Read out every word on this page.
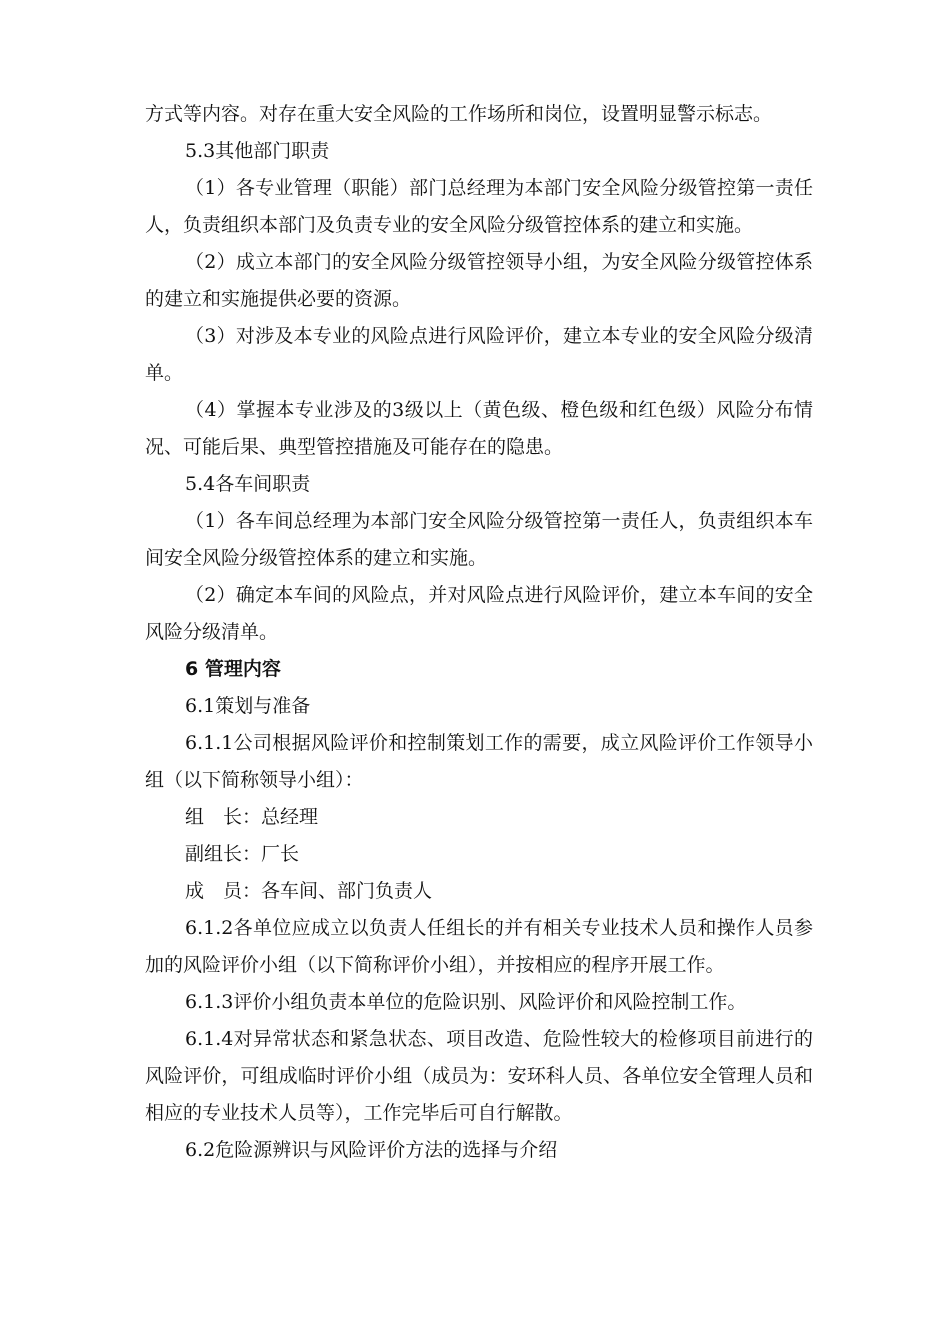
方式等内容。对存在重大安全风险的工作场所和岗位，设置明显警示标志。

5.3其他部门职责

（1）各专业管理（职能）部门总经理为本部门安全风险分级管控第一责任人，负责组织本部门及负责专业的安全风险分级管控体系的建立和实施。

（2）成立本部门的安全风险分级管控领导小组，为安全风险分级管控体系的建立和实施提供必要的资源。

（3）对涉及本专业的风险点进行风险评价，建立本专业的安全风险分级清单。

（4）掌握本专业涉及的3级以上（黄色级、橙色级和红色级）风险分布情况、可能后果、典型管控措施及可能存在的隐患。

5.4各车间职责

（1）各车间总经理为本部门安全风险分级管控第一责任人，负责组织本车间安全风险分级管控体系的建立和实施。

（2）确定本车间的风险点，并对风险点进行风险评价，建立本车间的安全风险分级清单。

6 管理内容

6.1策划与准备

6.1.1公司根据风险评价和控制策划工作的需要，成立风险评价工作领导小组（以下简称领导小组）：

组　长：总经理

副组长：厂长

成　员：各车间、部门负责人

6.1.2各单位应成立以负责人任组长的并有相关专业技术人员和操作人员参加的风险评价小组（以下简称评价小组），并按相应的程序开展工作。

6.1.3评价小组负责本单位的危险识别、风险评价和风险控制工作。

6.1.4对异常状态和紧急状态、项目改造、危险性较大的检修项目前进行的风险评价，可组成临时评价小组（成员为：安环科人员、各单位安全管理人员和相应的专业技术人员等），工作完毕后可自行解散。

6.2危险源辨识与风险评价方法的选择与介绍
